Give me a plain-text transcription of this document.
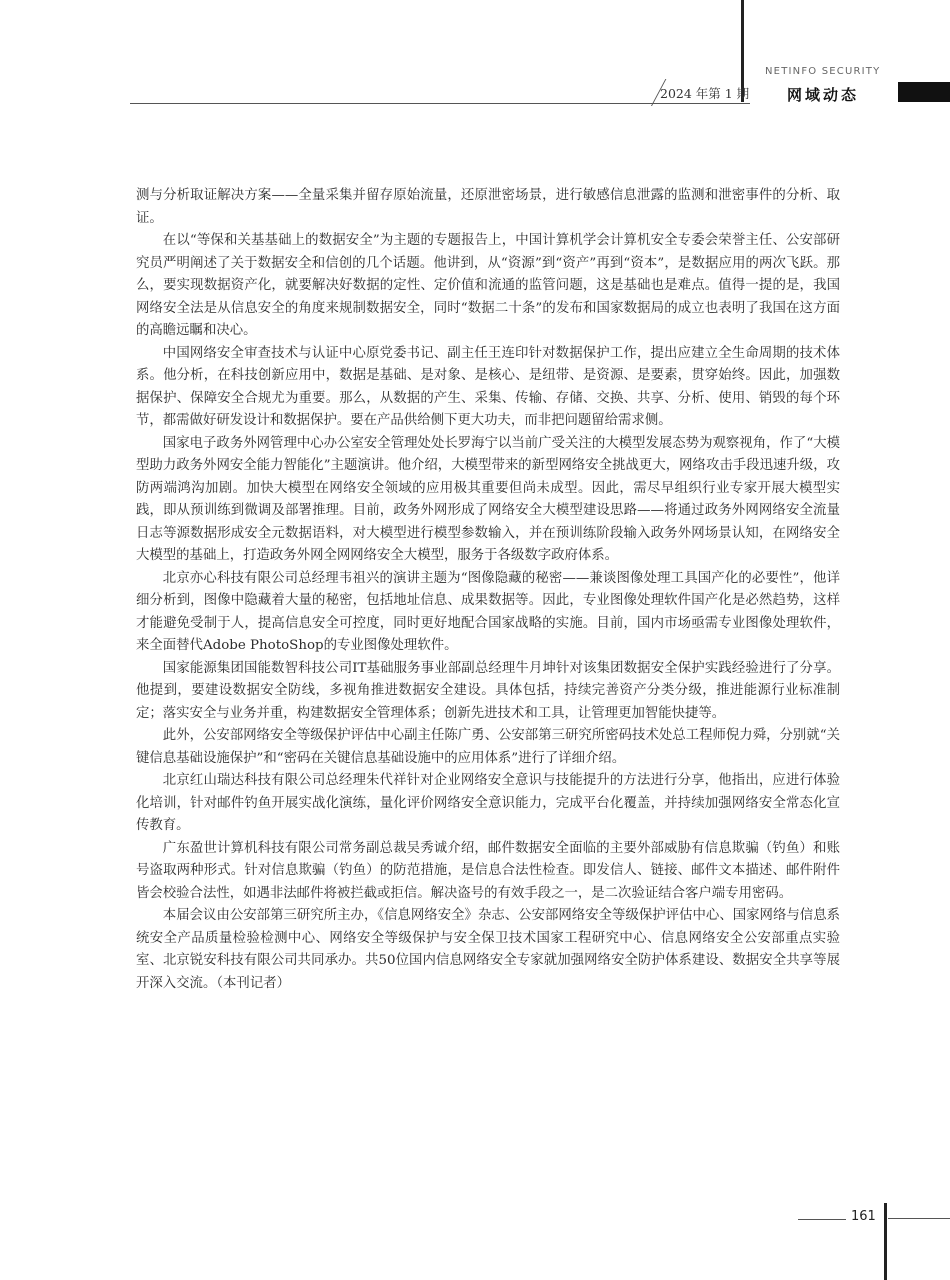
2024 年第 1 期
NETINFO SECURITY
网域动态

测与分析取证解决方案——全量采集并留存原始流量，还原泄密场景，进行敏感信息泄露的监测和泄密事件的分析、取证。

在以“等保和关基基础上的数据安全”为主题的专题报告上，中国计算机学会计算机安全专委会荣誉主任、公安部研究员严明阐述了关于数据安全和信创的几个话题。他讲到，从“资源”到“资产”再到“资本”，是数据应用的两次飞跃。那么，要实现数据资产化，就要解决好数据的定性、定价值和流通的监管问题，这是基础也是难点。值得一提的是，我国网络安全法是从信息安全的角度来规制数据安全，同时“数据二十条”的发布和国家数据局的成立也表明了我国在这方面的高瞻远瞩和决心。

中国网络安全审查技术与认证中心原党委书记、副主任王连印针对数据保护工作，提出应建立全生命周期的技术体系。他分析，在科技创新应用中，数据是基础、是对象、是核心、是纽带、是资源、是要素，贯穿始终。因此，加强数据保护、保障安全合规尤为重要。那么，从数据的产生、采集、传输、存储、交换、共享、分析、使用、销毁的每个环节，都需做好研发设计和数据保护。要在产品供给侧下更大功夫，而非把问题留给需求侧。

国家电子政务外网管理中心办公室安全管理处处长罗海宁以当前广受关注的大模型发展态势为观察视角，作了“大模型助力政务外网安全能力智能化”主题演讲。他介绍，大模型带来的新型网络安全挑战更大，网络攻击手段迅速升级，攻防两端鸿沟加剧。加快大模型在网络安全领域的应用极其重要但尚未成型。因此，需尽早组织行业专家开展大模型实践，即从预训练到微调及部署推理。目前，政务外网形成了网络安全大模型建设思路——将通过政务外网网络安全流量日志等源数据形成安全元数据语料，对大模型进行模型参数输入，并在预训练阶段输入政务外网场景认知，在网络安全大模型的基础上，打造政务外网全网网络安全大模型，服务于各级数字政府体系。

北京亦心科技有限公司总经理韦祖兴的演讲主题为“图像隐藏的秘密——兼谈图像处理工具国产化的必要性”，他详细分析到，图像中隐藏着大量的秘密，包括地址信息、成果数据等。因此，专业图像处理软件国产化是必然趋势，这样才能避免受制于人，提高信息安全可控度，同时更好地配合国家战略的实施。目前，国内市场亟需专业图像处理软件，来全面替代Adobe PhotoShop的专业图像处理软件。

国家能源集团国能数智科技公司IT基础服务事业部副总经理牛月坤针对该集团数据安全保护实践经验进行了分享。他提到，要建设数据安全防线，多视角推进数据安全建设。具体包括，持续完善资产分类分级，推进能源行业标准制定；落实安全与业务并重，构建数据安全管理体系；创新先进技术和工具，让管理更加智能快捷等。

此外，公安部网络安全等级保护评估中心副主任陈广勇、公安部第三研究所密码技术处总工程师倪力舜，分别就“关键信息基础设施保护”和“密码在关键信息基础设施中的应用体系”进行了详细介绍。

北京红山瑞达科技有限公司总经理朱代祥针对企业网络安全意识与技能提升的方法进行分享，他指出，应进行体验化培训，针对邮件钓鱼开展实战化演练，量化评价网络安全意识能力，完成平台化覆盖，并持续加强网络安全常态化宣传教育。

广东盈世计算机科技有限公司常务副总裁吴秀诚介绍，邮件数据安全面临的主要外部威胁有信息欺骗（钓鱼）和账号盗取两种形式。针对信息欺骗（钓鱼）的防范措施，是信息合法性检查。即发信人、链接、邮件文本描述、邮件附件皆会校验合法性，如遇非法邮件将被拦截或拒信。解决盗号的有效手段之一，是二次验证结合客户端专用密码。

本届会议由公安部第三研究所主办，《信息网络安全》杂志、公安部网络安全等级保护评估中心、国家网络与信息系统安全产品质量检验检测中心、网络安全等级保护与安全保卫技术国家工程研究中心、信息网络安全公安部重点实验室、北京锐安科技有限公司共同承办。共50位国内信息网络安全专家就加强网络安全防护体系建设、数据安全共享等展开深入交流。（本刊记者）

161
